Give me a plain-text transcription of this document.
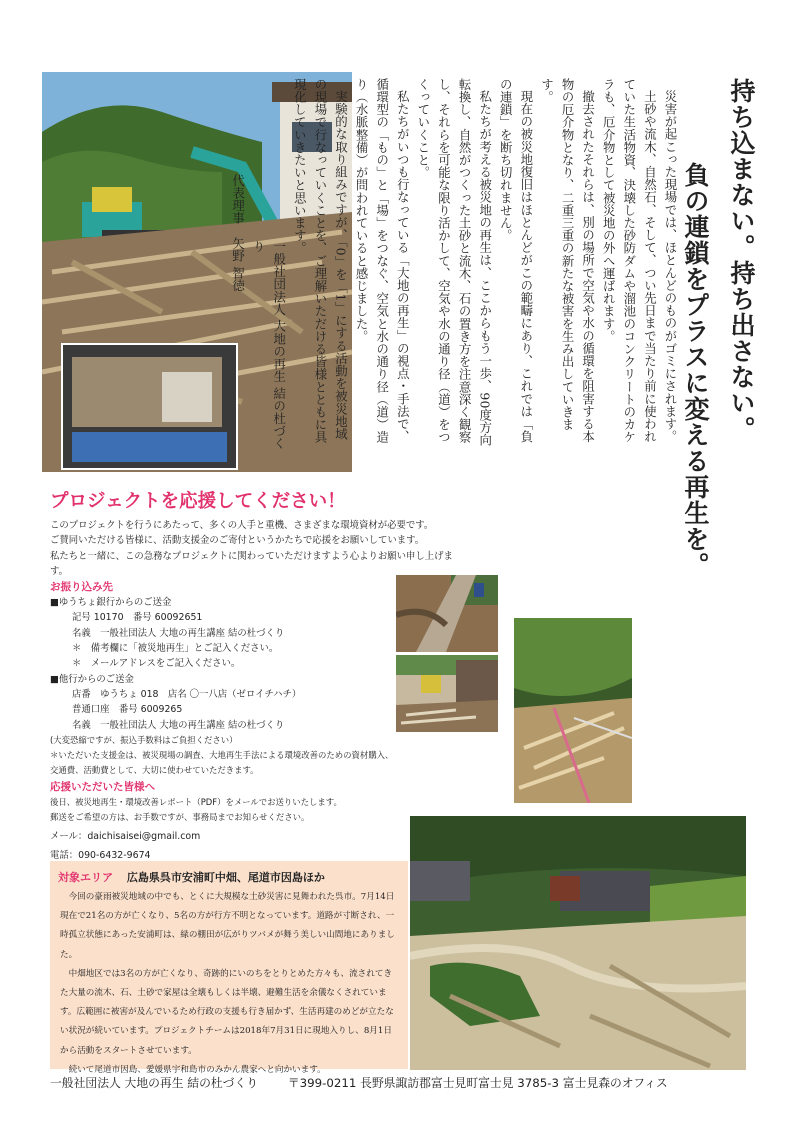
持ち込まない。持ち出さない。
負の連鎖をプラスに変える再生を。

災害が起こった現場では、ほとんどのものがゴミにされます。

土砂や流木、自然石、そして、つい先日まで当たり前に使われていた生活物資、決壊した砂防ダムや溜池のコンクリートのカケラも、厄介物として被災地の外へ運ばれます。

撤去されたそれらは、別の場所で空気や水の循環を阻害する本物の厄介物となり、二重三重の新たな被害を生み出していきます。

現在の被災地復旧はほとんどがこの範疇にあり、これでは「負の連鎖」を断ち切れません。

私たちが考える被災地の再生は、ここからもう一歩、90度方向転換し、自然がつくった土砂と流木、石の置き方を注意深く観察し、それらを可能な限り活かして、空気や水の通り径（道）をつくっていくこと。

私たちがいつも行なっている「大地の再生」の視点・手法で、循環型の「もの」と「場」をつなぐ、空気と水の通り径（道）造り（水脈整備）が問われていると感じました。

実験的な取り組みですが、「0」を「1」にする活動を被災地域の現場で行なっていくことを、ご理解いただける皆様とともに具現化していきたいと思います。

一般社団法人 大地の再生 結の杜づくり

代表理事　矢野 智徳

プロジェクトを応援してください！
このプロジェクトを行うにあたって、多くの人手と重機、さまざまな環境資材が必要です。
ご賛同いただける皆様に、活動支援金のご寄付というかたちで応援をお願いしています。
私たちと一緒に、この急務なプロジェクトに関わっていただけますよう心よりお願い申し上げます。
お振り込み先
■ゆうちょ銀行からのご送金
記号 10170　番号 60092651
名義　一般社団法人 大地の再生講座 結の杜づくり
＊　備考欄に「被災地再生」とご記入ください。
＊　メールアドレスをご記入ください。
■他行からのご送金
店番　ゆうちょ 018　店名 〇一八店（ゼロイチハチ）
普通口座　番号 6009265
名義　一般社団法人 大地の再生講座 結の杜づくり
(大変恐縮ですが、振込手数料はご負担ください）
＊いただいた支援金は、被災現場の調査、大地再生手法による環境改善のための資材購入、
交通費、活動費として、大切に使わせていただきます。
応援いただいた皆様へ
後日、被災地再生・環境改善レポート（PDF）をメールでお送りいたします。
郵送をご希望の方は、お手数ですが、事務局までお知らせください。
メール：daichisaisei@gmail.com
電話：090-6432-9674
対象エリア 広島県呉市安浦町中畑、尾道市因島ほか

今回の豪雨被災地域の中でも、とくに大規模な土砂災害に見舞われた呉市。7月14日現在で21名の方が亡くなり、5名の方が行方不明となっています。道路が寸断され、一時孤立状態にあった安浦町は、緑の棚田が広がりツバメが舞う美しい山間地にありました。

中畑地区では3名の方が亡くなり、奇跡的にいのちをとりとめた方々も、流されてきた大量の流木、石、土砂で家屋は全壊もしくは半壊、避難生活を余儀なくされています。広範囲に被害が及んでいるため行政の支援も行き届かず、生活再建のめどが立たない状況が続いています。プロジェクトチームは2018年7月31日に現地入りし、8月1日から活動をスタートさせています。

続いて尾道市因島、愛媛県宇和島市のみかん農家へと向かいます。

一般社団法人 大地の再生 結の杜づくり	〒399-0211 長野県諏訪郡富士見町富士見 3785-3 富士見森のオフィス
